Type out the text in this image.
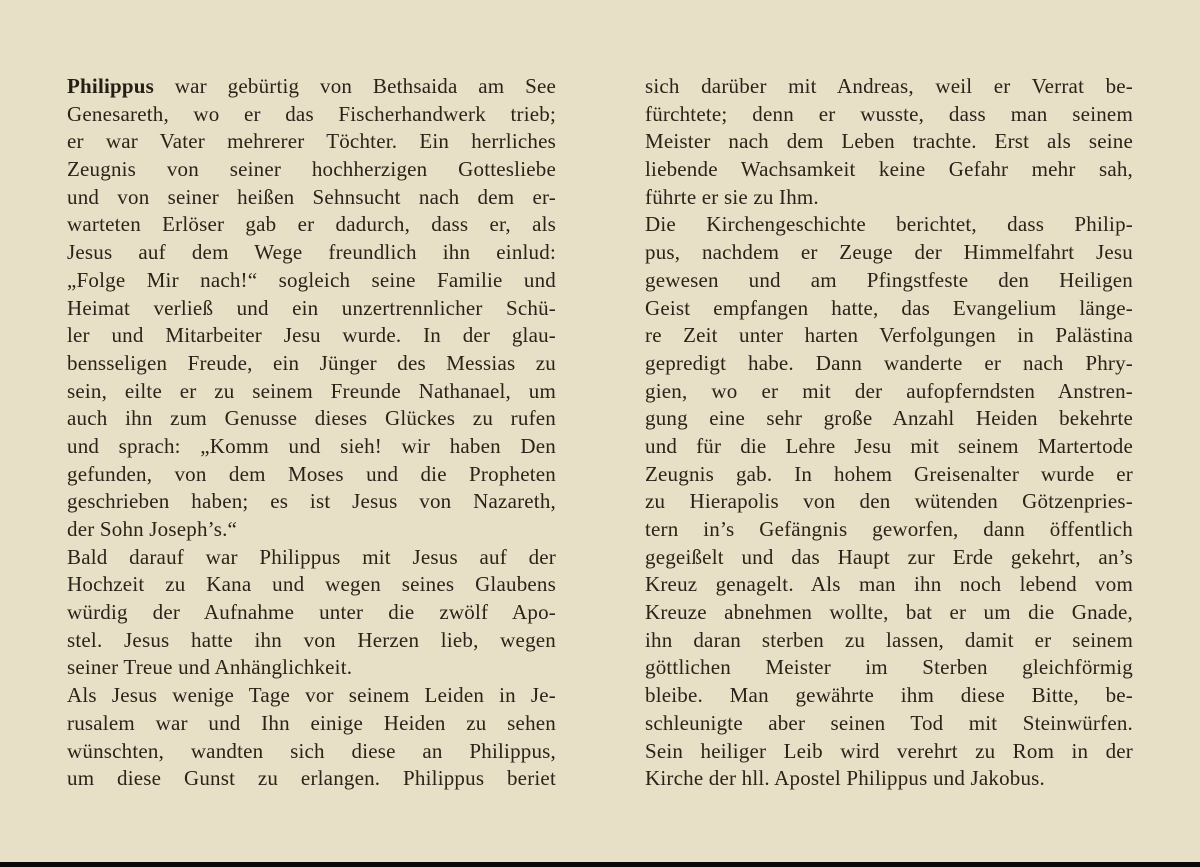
Philippus war gebürtig von Bethsaida am See
Genesareth, wo er das Fischerhandwerk trieb;
er war Vater mehrerer Töchter. Ein herrliches
Zeugnis von seiner hochherzigen Gottesliebe
und von seiner heißen Sehnsucht nach dem er-
warteten Erlöser gab er dadurch, dass er, als
Jesus auf dem Wege freundlich ihn einlud:
„Folge Mir nach!“ sogleich seine Familie und
Heimat verließ und ein unzertrennlicher Schü-
ler und Mitarbeiter Jesu wurde. In der glau-
bensseligen Freude, ein Jünger des Messias zu
sein, eilte er zu seinem Freunde Nathanael, um
auch ihn zum Genusse dieses Glückes zu rufen
und sprach: „Komm und sieh! wir haben Den
gefunden, von dem Moses und die Propheten
geschrieben haben; es ist Jesus von Nazareth,
der Sohn Joseph’s.“
Bald darauf war Philippus mit Jesus auf der
Hochzeit zu Kana und wegen seines Glaubens
würdig der Aufnahme unter die zwölf Apo-
stel. Jesus hatte ihn von Herzen lieb, wegen
seiner Treue und Anhänglichkeit.
Als Jesus wenige Tage vor seinem Leiden in Je-
rusalem war und Ihn einige Heiden zu sehen
wünschten, wandten sich diese an Philippus,
um diese Gunst zu erlangen. Philippus beriet
sich darüber mit Andreas, weil er Verrat be-
fürchtete; denn er wusste, dass man seinem
Meister nach dem Leben trachte. Erst als seine
liebende Wachsamkeit keine Gefahr mehr sah,
führte er sie zu Ihm.
Die Kirchengeschichte berichtet, dass Philip-
pus, nachdem er Zeuge der Himmelfahrt Jesu
gewesen und am Pfingstfeste den Heiligen
Geist empfangen hatte, das Evangelium länge-
re Zeit unter harten Verfolgungen in Palästina
gepredigt habe. Dann wanderte er nach Phry-
gien, wo er mit der aufopferndsten Anstren-
gung eine sehr große Anzahl Heiden bekehrte
und für die Lehre Jesu mit seinem Martertode
Zeugnis gab. In hohem Greisenalter wurde er
zu Hierapolis von den wütenden Götzenpries-
tern in’s Gefängnis geworfen, dann öffentlich
gegeißelt und das Haupt zur Erde gekehrt, an’s
Kreuz genagelt. Als man ihn noch lebend vom
Kreuze abnehmen wollte, bat er um die Gnade,
ihn daran sterben zu lassen, damit er seinem
göttlichen Meister im Sterben gleichförmig
bleibe. Man gewährte ihm diese Bitte, be-
schleunigte aber seinen Tod mit Steinwürfen.
Sein heiliger Leib wird verehrt zu Rom in der
Kirche der hll. Apostel Philippus und Jakobus.
